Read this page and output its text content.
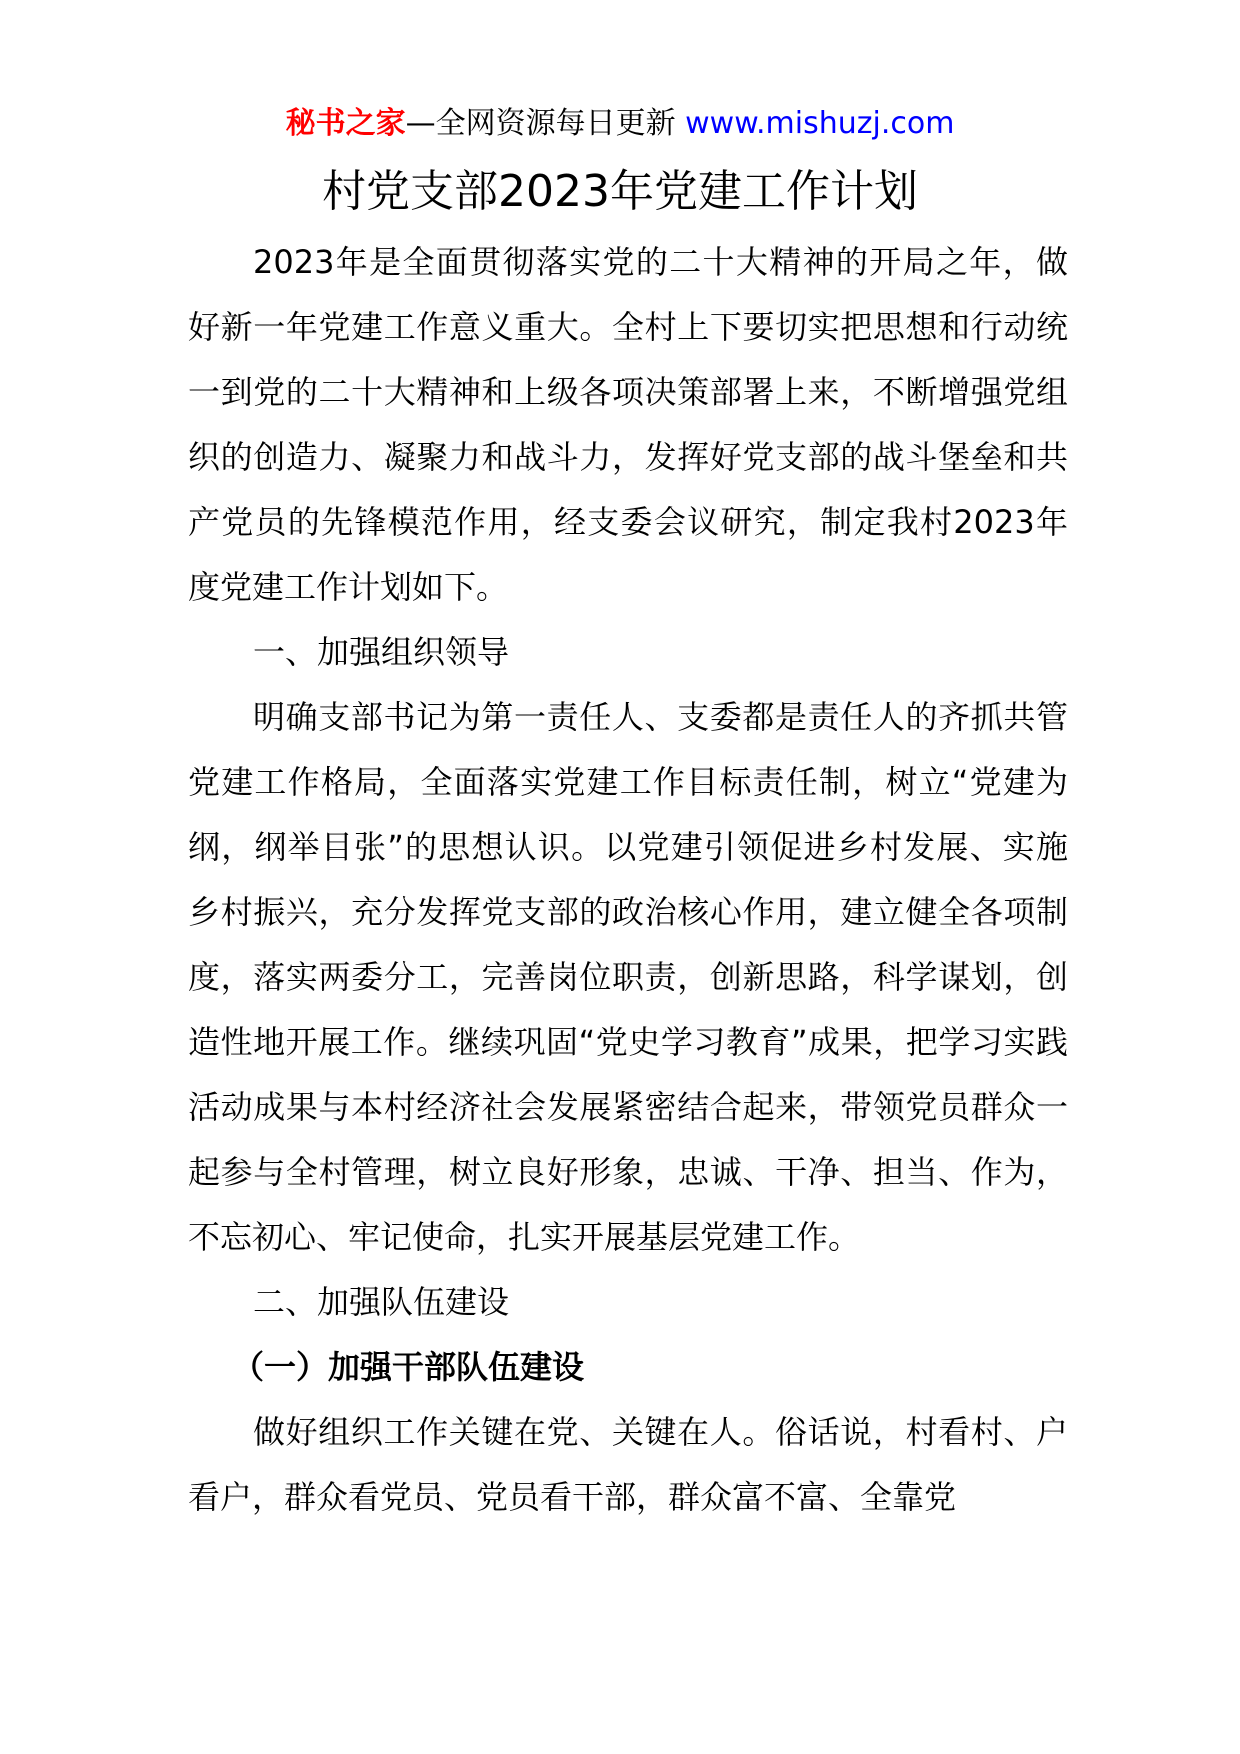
秘书之家—全网资源每日更新 www.mishuzj.com
村党支部2023年党建工作计划

2023年是全面贯彻落实党的二十大精神的开局之年，做好新一年党建工作意义重大。全村上下要切实把思想和行动统一到党的二十大精神和上级各项决策部署上来，不断增强党组织的创造力、凝聚力和战斗力，发挥好党支部的战斗堡垒和共产党员的先锋模范作用，经支委会议研究，制定我村2023年度党建工作计划如下。

一、加强组织领导

明确支部书记为第一责任人、支委都是责任人的齐抓共管党建工作格局，全面落实党建工作目标责任制，树立“党建为纲，纲举目张”的思想认识。以党建引领促进乡村发展、实施乡村振兴，充分发挥党支部的政治核心作用，建立健全各项制度，落实两委分工，完善岗位职责，创新思路，科学谋划，创造性地开展工作。继续巩固“党史学习教育”成果，把学习实践活动成果与本村经济社会发展紧密结合起来，带领党员群众一起参与全村管理，树立良好形象，忠诚、干净、担当、作为，不忘初心、牢记使命，扎实开展基层党建工作。

二、加强队伍建设

（一）加强干部队伍建设

做好组织工作关键在党、关键在人。俗话说，村看村、户看户，群众看党员、党员看干部，群众富不富、全靠党
